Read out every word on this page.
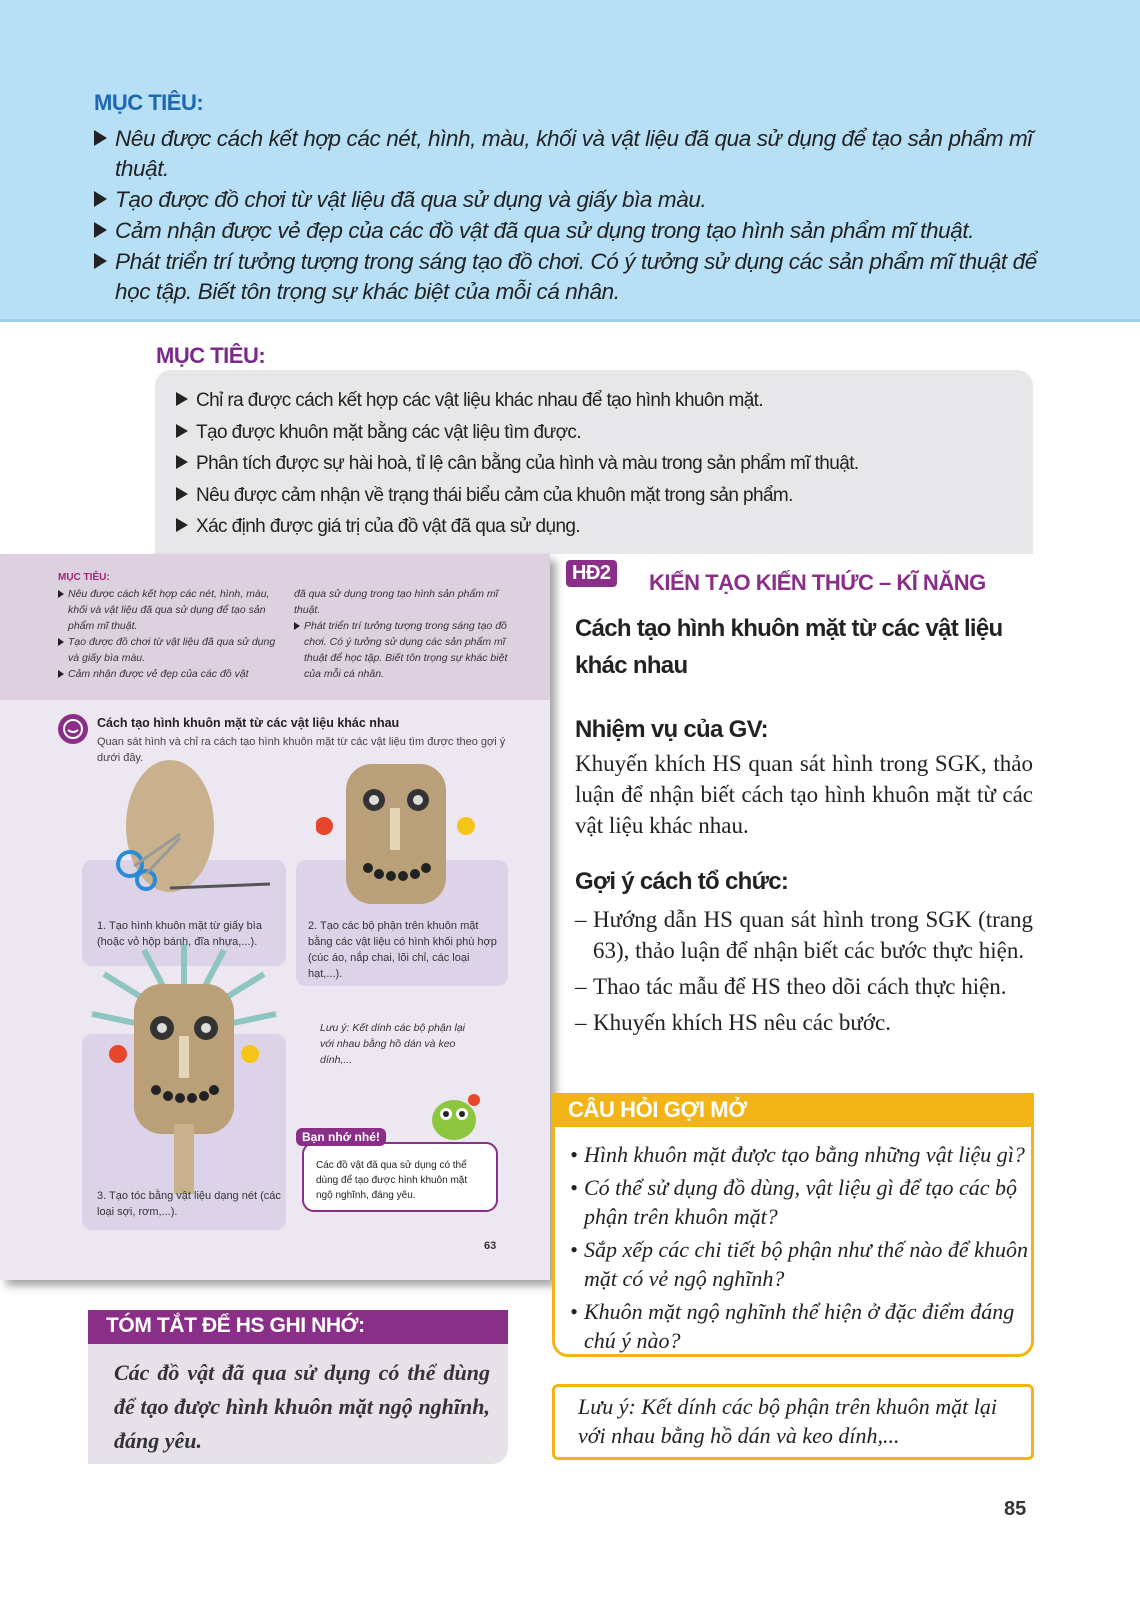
MỤC TIÊU:
Nêu được cách kết hợp các nét, hình, màu, khối và vật liệu đã qua sử dụng để tạo sản phẩm mĩ thuật.
Tạo được đồ chơi từ vật liệu đã qua sử dụng và giấy bìa màu.
Cảm nhận được vẻ đẹp của các đồ vật đã qua sử dụng trong tạo hình sản phẩm mĩ thuật.
Phát triển trí tưởng tượng trong sáng tạo đồ chơi. Có ý tưởng sử dụng các sản phẩm mĩ thuật để học tập. Biết tôn trọng sự khác biệt của mỗi cá nhân.
MỤC TIÊU:
Chỉ ra được cách kết hợp các vật liệu khác nhau để tạo hình khuôn mặt.
Tạo được khuôn mặt bằng các vật liệu tìm được.
Phân tích được sự hài hoà, tỉ lệ cân bằng của hình và màu trong sản phẩm mĩ thuật.
Nêu được cảm nhận về trạng thái biểu cảm của khuôn mặt trong sản phẩm.
Xác định được giá trị của đồ vật đã qua sử dụng.
MỤC TIÊU:
Nêu được cách kết hợp các nét, hình, màu, khối và vật liệu đã qua sử dụng để tạo sản phẩm mĩ thuật.
Tạo được đồ chơi từ vật liệu đã qua sử dụng và giấy bìa màu.
Cảm nhận được vẻ đẹp của các đồ vật
đã qua sử dụng trong tạo hình sản phẩm mĩ thuật.
Phát triển trí tưởng tượng trong sáng tạo đồ chơi. Có ý tưởng sử dụng các sản phẩm mĩ thuật để học tập. Biết tôn trọng sự khác biệt của mỗi cá nhân.
Cách tạo hình khuôn mặt từ các vật liệu khác nhau
Quan sát hình và chỉ ra cách tạo hình khuôn mặt từ các vật liệu tìm được theo gợi ý dưới đây.
1. Tạo hình khuôn mặt từ giấy bìa (hoặc vỏ hộp bánh, đĩa nhựa,...).
2. Tạo các bộ phận trên khuôn mặt bằng các vật liệu có hình khối phù hợp (cúc áo, nắp chai, lõi chỉ, các loại hạt,...).
3. Tạo tóc bằng vật liệu dạng nét (các loại sợi, rơm,...).
Lưu ý: Kết dính các bộ phận lại với nhau bằng hồ dán và keo dính,...
Các đồ vật đã qua sử dụng có thể dùng để tạo được hình khuôn mặt ngộ nghĩnh, đáng yêu.
Bạn nhớ nhé!
63
HĐ2 KIẾN TẠO KIẾN THỨC – KĨ NĂNG
Cách tạo hình khuôn mặt từ các vật liệu khác nhau
Nhiệm vụ của GV:
Khuyến khích HS quan sát hình trong SGK, thảo luận để nhận biết cách tạo hình khuôn mặt từ các vật liệu khác nhau.
Gợi ý cách tổ chức:
– Hướng dẫn HS quan sát hình trong SGK (trang 63), thảo luận để nhận biết các bước thực hiện.
– Thao tác mẫu để HS theo dõi cách thực hiện.
– Khuyến khích HS nêu các bước.
CÂU HỎI GỢI MỞ
• Hình khuôn mặt được tạo bằng những vật liệu gì?
• Có thể sử dụng đồ dùng, vật liệu gì để tạo các bộ phận trên khuôn mặt?
• Sắp xếp các chi tiết bộ phận như thế nào để khuôn mặt có vẻ ngộ nghĩnh?
• Khuôn mặt ngộ nghĩnh thể hiện ở đặc điểm đáng chú ý nào?
Lưu ý: Kết dính các bộ phận trên khuôn mặt lại với nhau bằng hồ dán và keo dính,...
TÓM TẮT ĐỂ HS GHI NHỚ:
Các đồ vật đã qua sử dụng có thể dùng để tạo được hình khuôn mặt ngộ nghĩnh, đáng yêu.
85
